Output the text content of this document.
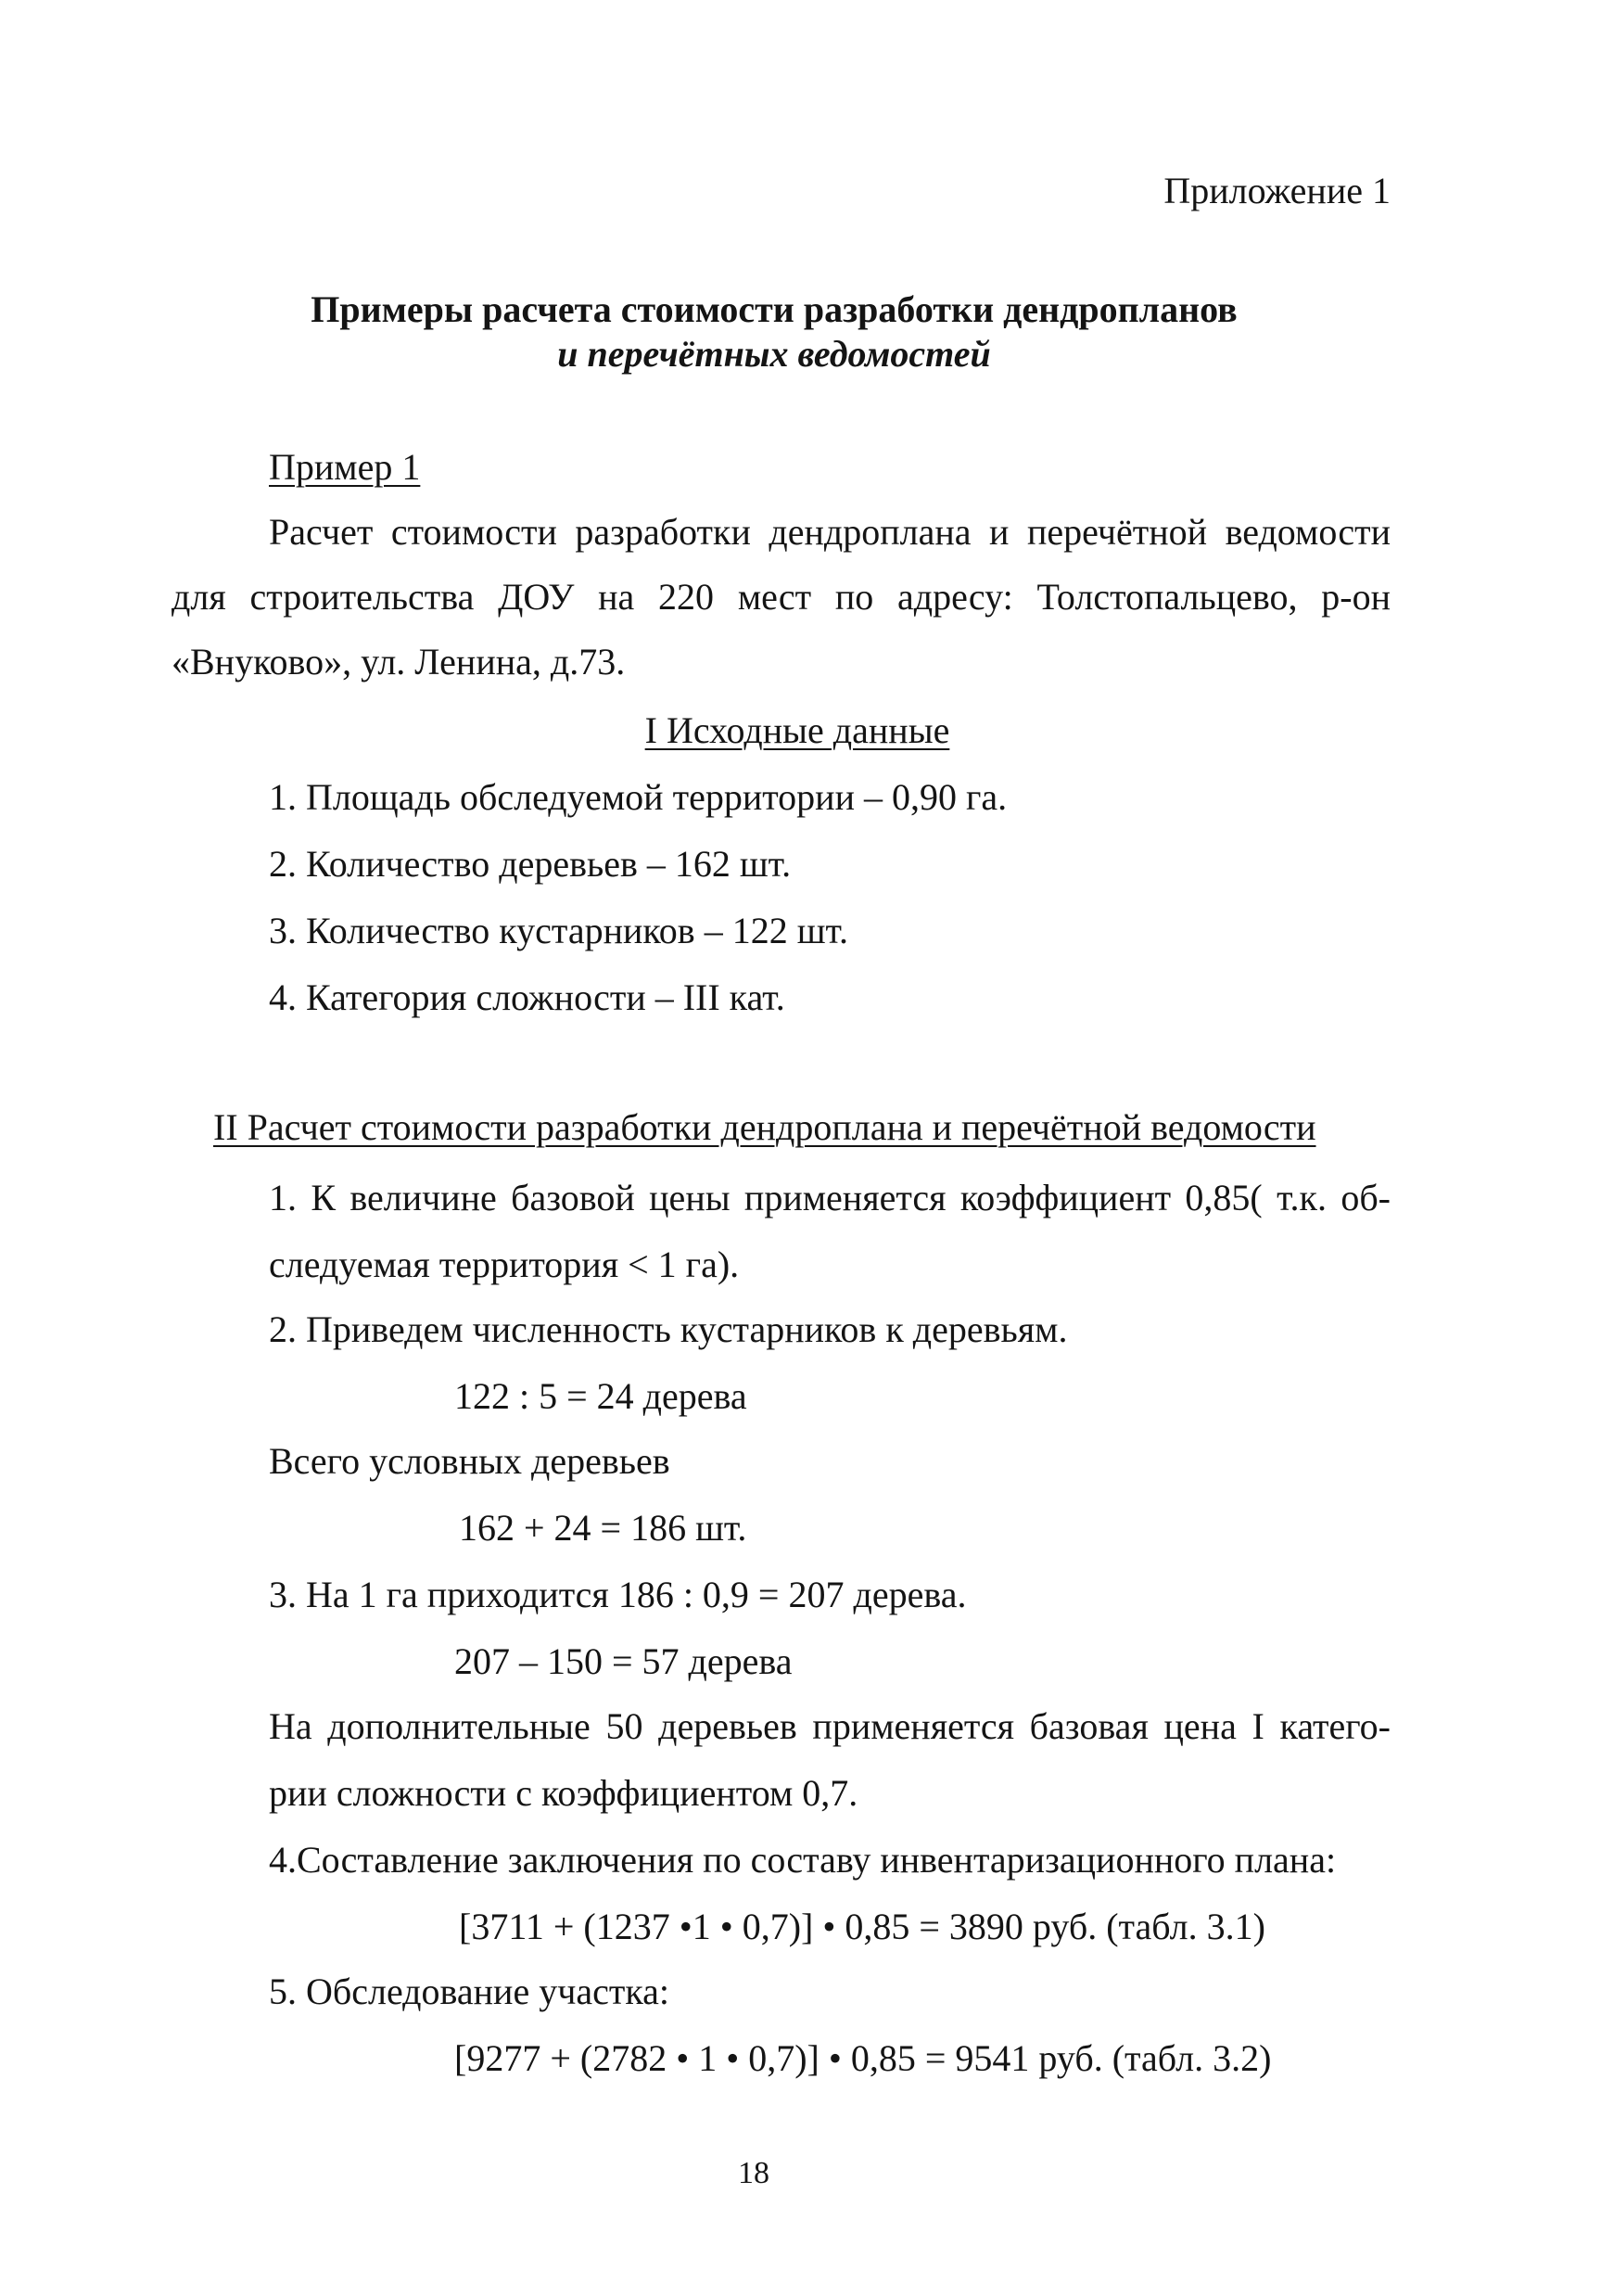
Приложение 1
Примеры расчета стоимости разработки дендропланов
и перечётных ведомостей
Пример 1
Расчет стоимости разработки дендроплана и перечётной ведомости
для строительства ДОУ на 220 мест по адресу: Толстопальцево, р-он
«Внуково», ул. Ленина, д.73.
I Исходные данные
1. Площадь обследуемой территории – 0,90 га.
2. Количество деревьев – 162 шт.
3. Количество кустарников – 122 шт.
4. Категория сложности – III кат.
II Расчет стоимости разработки дендроплана и перечётной ведомости
1. К величине базовой цены применяется коэффициент 0,85( т.к. об-
следуемая территория < 1 га).
2. Приведем численность кустарников к деревьям.
122 : 5 = 24 дерева
Всего условных деревьев
162 + 24 = 186 шт.
3. На 1 га приходится 186 : 0,9 = 207 дерева.
207 – 150 = 57 дерева
На дополнительные 50 деревьев применяется базовая цена I катего-
рии сложности с коэффициентом 0,7.
4.Составление заключения по составу инвентаризационного плана:
[3711 + (1237 •1 • 0,7)] • 0,85 = 3890 руб. (табл. 3.1)
5. Обследование участка:
[9277 + (2782 • 1 • 0,7)] • 0,85 = 9541 руб. (табл. 3.2)
18
